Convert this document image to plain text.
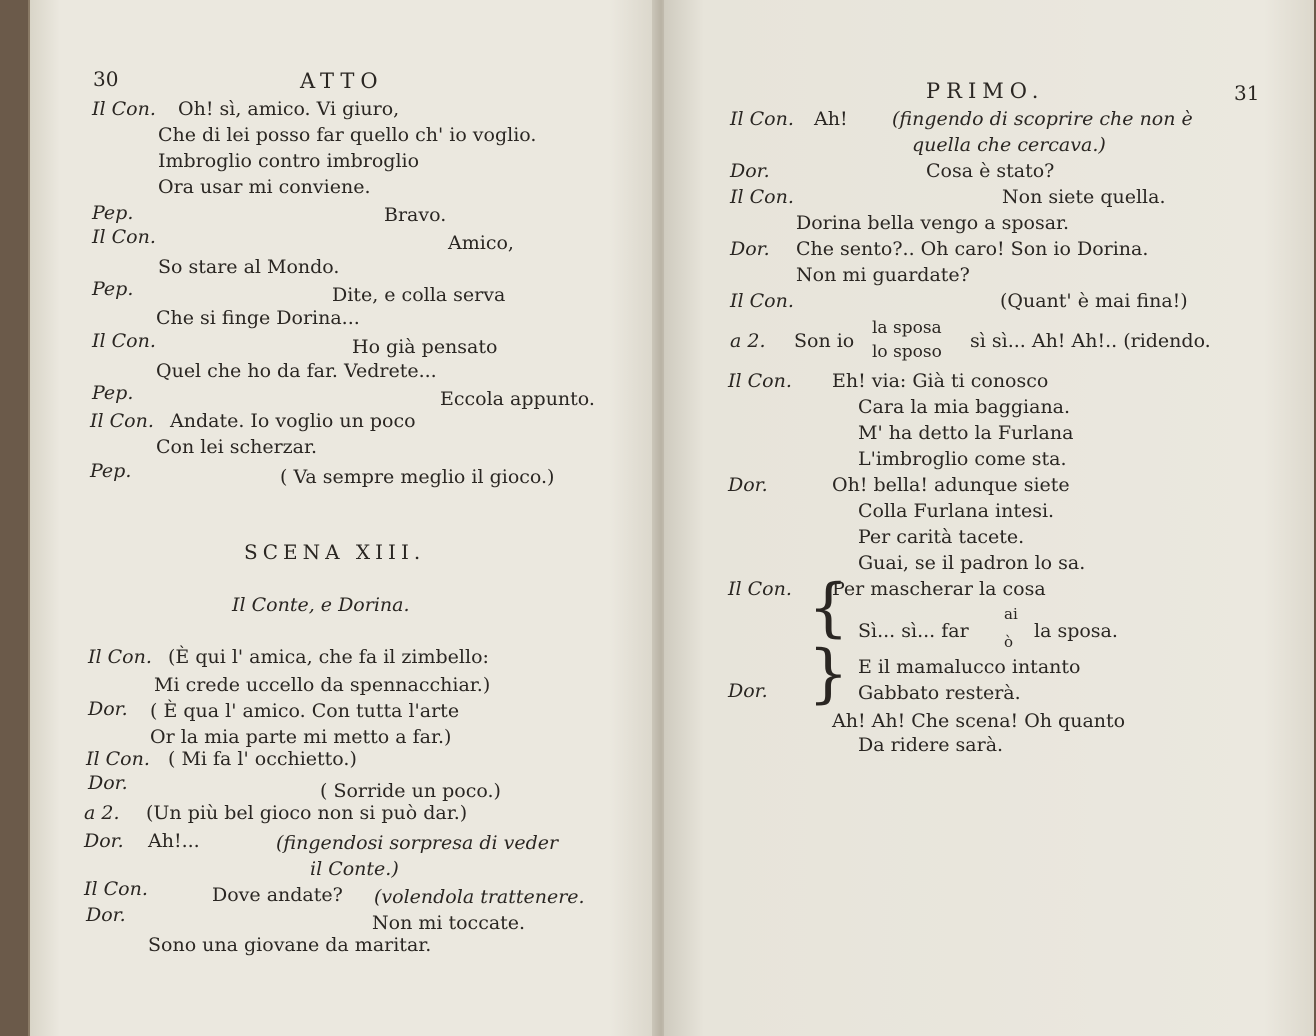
30	ATTO
Il Con. Oh! sì, amico. Vi giuro,
Che di lei posso far quello ch' io voglio.
Imbroglio contro imbroglio
Ora usar mi conviene.
Pep.	Bravo.
Il Con.	Amico,
So stare al Mondo.
Pep.	Dite, e colla serva
Che si finge Dorina...
Il Con.	Ho già pensato
Quel che ho da far. Vedrete...
Pep.	Eccola appunto.
Il Con. Andate. Io voglio un poco
Con lei scherzar.
Pep.	( Va sempre meglio il gioco.)
SCENA XIII.
Il Conte, e Dorina.
Il Con. (È qui l' amica, che fa il zimbello:
Mi crede uccello da spennacchiar.)
Dor. ( È qua l' amico. Con tutta l'arte
Or la mia parte mi metto a far.)
Il Con. ( Mi fa l' occhietto.)
Dor.	( Sorride un poco.)
a 2. (Un più bel gioco non si può dar.)
Dor. Ah!...	(fingendosi sorpresa di veder
il Conte.)
Il Con.	Dove andate? (volendola trattenere.
Dor.	Non mi toccate.
Sono una giovane da maritar.
PRIMO.	31
Il Con. Ah! (fingendo di scoprire che non è
quella che cercava.)
Dor.	Cosa è stato?
Il Con.	Non siete quella.
Dorina bella vengo a sposar.
Dor. Che sento?.. Oh caro! Son io Dorina.
Non mi guardate?
Il Con.	(Quant' è mai fina!)
a 2. Son io
la sposa
lo sposo sì sì... Ah! Ah!.. (ridendo.
Il Con. Eh! via: Già ti conosco
Cara la mia baggiana.
M' ha detto la Furlana
L'imbroglio come sta.
Dor.	Oh! bella! adunque siete
Colla Furlana intesi.
Per carità tacete.
Guai, se il padron lo sa.
Il Con. {
Per mascherar la cosa
Sì... sì... far
ai
ò la sposa.
} E il mamalucco intanto
Dor.	Gabbato resterà.
Ah! Ah! Che scena! Oh quanto
Da ridere sarà.
